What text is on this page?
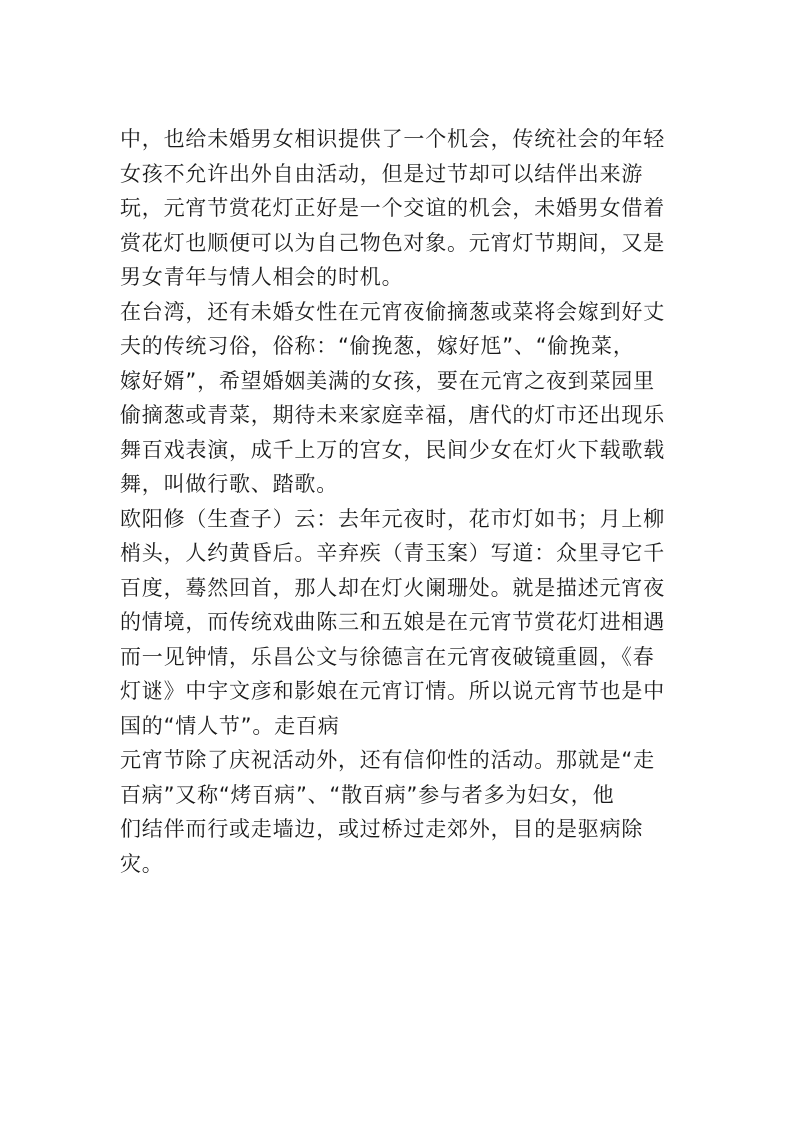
中，也给未婚男女相识提供了一个机会，传统社会的年轻
女孩不允许出外自由活动，但是过节却可以结伴出来游
玩，元宵节赏花灯正好是一个交谊的机会，未婚男女借着
赏花灯也顺便可以为自己物色对象。元宵灯节期间，又是
男女青年与情人相会的时机。
在台湾，还有未婚女性在元宵夜偷摘葱或菜将会嫁到好丈
夫的传统习俗，俗称：“偷挽葱，嫁好尪”、“偷挽菜，
嫁好婿”，希望婚姻美满的女孩，要在元宵之夜到菜园里
偷摘葱或青菜，期待未来家庭幸福，唐代的灯市还出现乐
舞百戏表演，成千上万的宫女，民间少女在灯火下载歌载
舞，叫做行歌、踏歌。
欧阳修（生查子）云：去年元夜时，花市灯如书；月上柳
梢头，人约黄昏后。辛弃疾（青玉案）写道：众里寻它千
百度，蓦然回首，那人却在灯火阑珊处。就是描述元宵夜
的情境，而传统戏曲陈三和五娘是在元宵节赏花灯进相遇
而一见钟情，乐昌公文与徐德言在元宵夜破镜重圆，《春
灯谜》中宇文彦和影娘在元宵订情。所以说元宵节也是中
国的“情人节”。走百病
元宵节除了庆祝活动外，还有信仰性的活动。那就是“走
百病”又称“烤百病”、“散百病”参与者多为妇女，他
们结伴而行或走墙边，或过桥过走郊外，目的是驱病除
灾。
